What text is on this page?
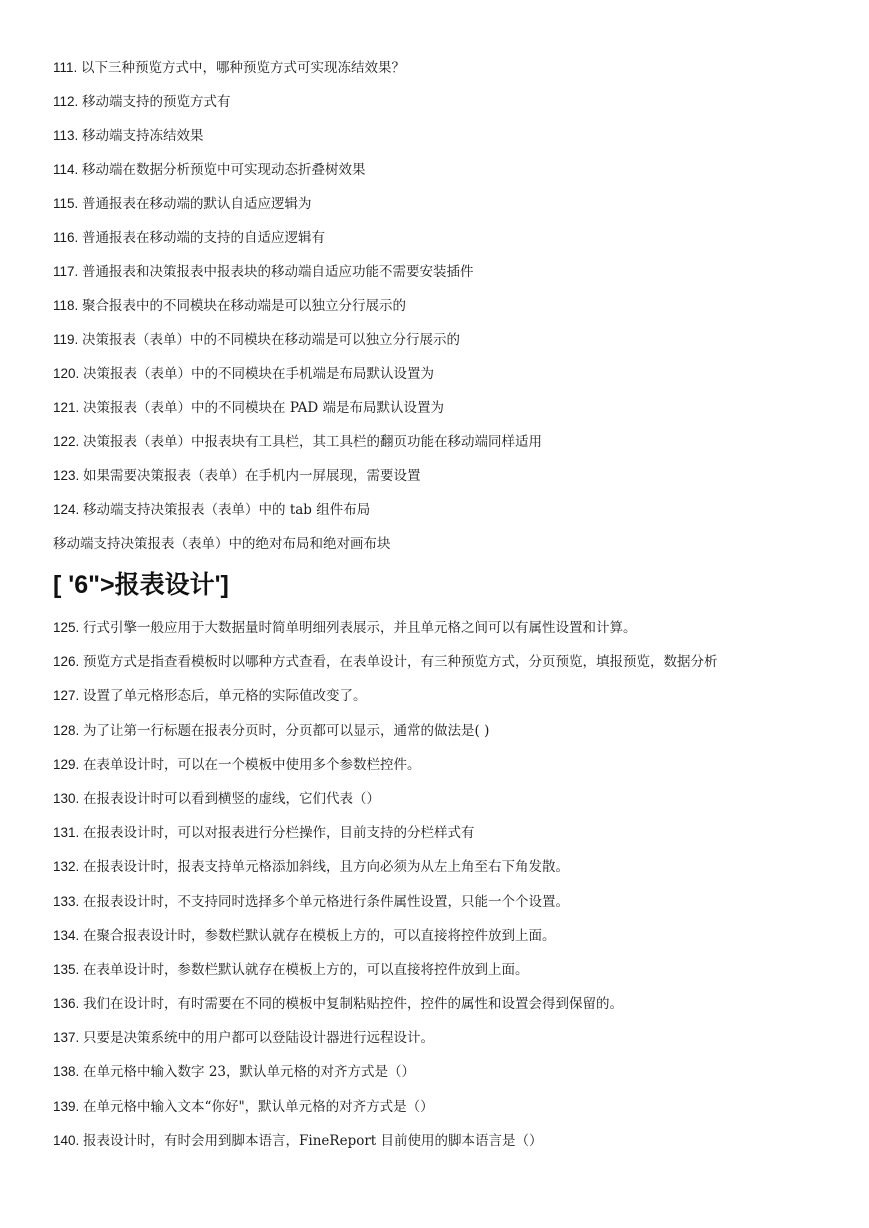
111. 以下三种预览方式中，哪种预览方式可实现冻结效果？
112. 移动端支持的预览方式有
113. 移动端支持冻结效果
114. 移动端在数据分析预览中可实现动态折叠树效果
115. 普通报表在移动端的默认自适应逻辑为
116. 普通报表在移动端的支持的自适应逻辑有
117. 普通报表和决策报表中报表块的移动端自适应功能不需要安装插件
118. 聚合报表中的不同模块在移动端是可以独立分行展示的
119. 决策报表（表单）中的不同模块在移动端是可以独立分行展示的
120. 决策报表（表单）中的不同模块在手机端是布局默认设置为
121. 决策报表（表单）中的不同模块在 PAD 端是布局默认设置为
122. 决策报表（表单）中报表块有工具栏，其工具栏的翻页功能在移动端同样适用
123. 如果需要决策报表（表单）在手机内一屏展现，需要设置
124. 移动端支持决策报表（表单）中的 tab 组件布局
移动端支持决策报表（表单）中的绝对布局和绝对画布块
[ '6">报表设计']
125. 行式引擎一般应用于大数据量时简单明细列表展示，并且单元格之间可以有属性设置和计算。
126. 预览方式是指查看模板时以哪种方式查看，在表单设计，有三种预览方式，分页预览，填报预览，数据分析
127. 设置了单元格形态后，单元格的实际值改变了。
128. 为了让第一行标题在报表分页时，分页都可以显示，通常的做法是( )
129. 在表单设计时，可以在一个模板中使用多个参数栏控件。
130. 在报表设计时可以看到横竖的虚线，它们代表（）
131. 在报表设计时，可以对报表进行分栏操作，目前支持的分栏样式有
132. 在报表设计时，报表支持单元格添加斜线，且方向必须为从左上角至右下角发散。
133. 在报表设计时，不支持同时选择多个单元格进行条件属性设置，只能一个个设置。
134. 在聚合报表设计时，参数栏默认就存在模板上方的，可以直接将控件放到上面。
135. 在表单设计时，参数栏默认就存在模板上方的，可以直接将控件放到上面。
136. 我们在设计时，有时需要在不同的模板中复制粘贴控件，控件的属性和设置会得到保留的。
137. 只要是决策系统中的用户都可以登陆设计器进行远程设计。
138. 在单元格中输入数字 23，默认单元格的对齐方式是（）
139. 在单元格中输入文本“你好"，默认单元格的对齐方式是（）
140. 报表设计时，有时会用到脚本语言，FineReport 目前使用的脚本语言是（）
